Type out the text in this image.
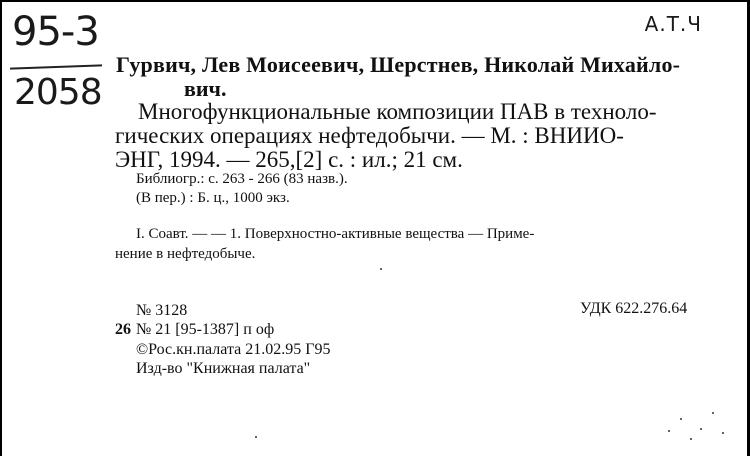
95-3
2058
А.Т.Ч
Гурвич, Лев Моисеевич, Шерстнев, Николай Михайло-
вич.
Многофункциональные композиции ПАВ в техноло-
гических операциях нефтедобычи. — М. : ВНИИО-
ЭНГ, 1994. — 265,[2] с. : ил.; 21 см.
Библиогр.: с. 263 - 266 (83 назв.).
(В пер.) : Б. ц., 1000 экз.
I. Соавт. — — 1. Поверхностно-активные вещества — Приме-
нение в нефтедобыче.
№ 3128	УДК 622.276.64
26 № 21 [95-1387] п оф
©Рос.кн.палата 21.02.95 Г95
Изд-во "Книжная палата"
